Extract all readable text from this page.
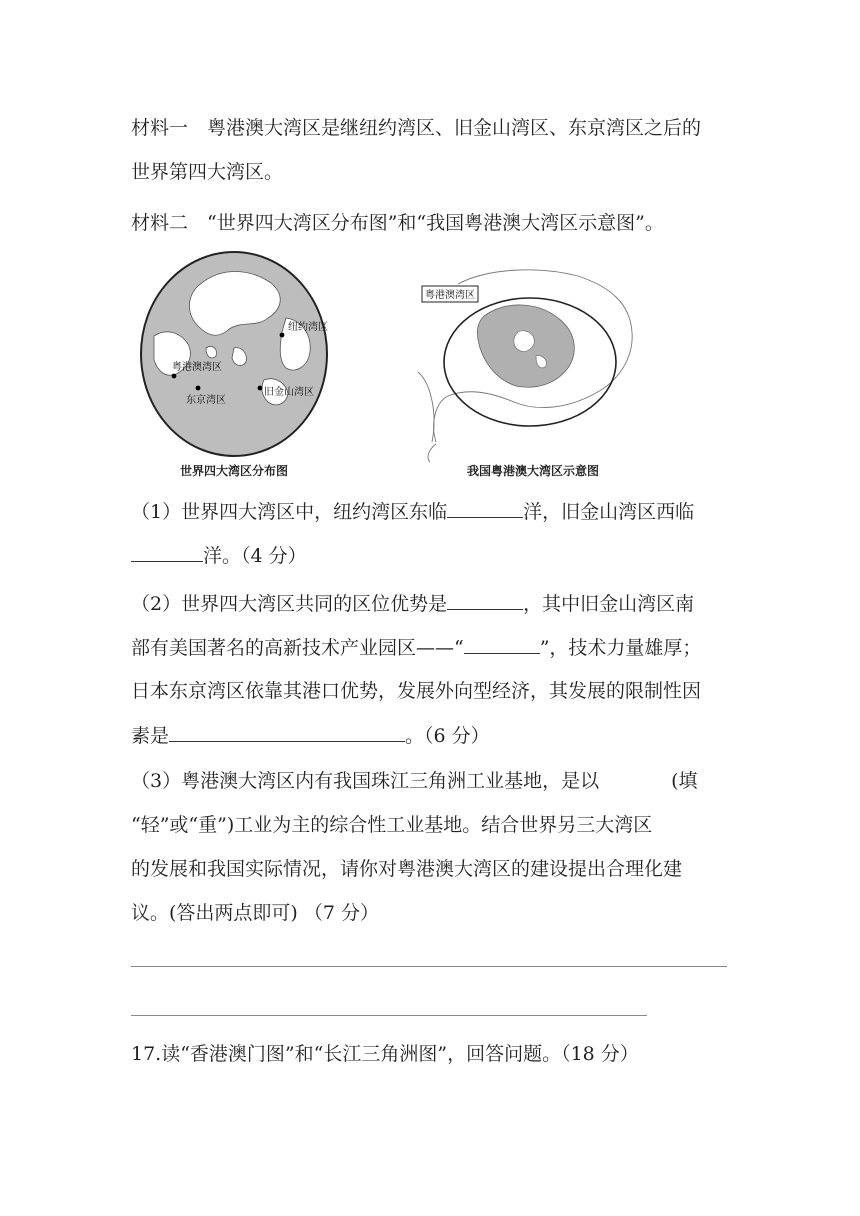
材料一　粤港澳大湾区是继纽约湾区、旧金山湾区、东京湾区之后的
世界第四大湾区。
材料二　“世界四大湾区分布图”和“我国粤港澳大湾区示意图”。
纽约湾区
粤港澳湾区
东京湾区
旧金山湾区
世界四大湾区分布图
粤港澳湾区
我国粤港澳大湾区示意图
（1）世界四大湾区中，纽约湾区东临	洋，旧金山湾区西临
洋。（4 分）
（2）世界四大湾区共同的区位优势是	，其中旧金山湾区南
部有美国著名的高新技术产业园区——“	”，技术力量雄厚；
日本东京湾区依靠其港口优势，发展外向型经济，其发展的限制性因
素是	。（6 分）
（3）粤港澳大湾区内有我国珠江三角洲工业基地，是以	(填
“轻”或“重”)工业为主的综合性工业基地。结合世界另三大湾区
的发展和我国实际情况，请你对粤港澳大湾区的建设提出合理化建
议。(答出两点即可) （7 分）
17.读“香港澳门图”和“长江三角洲图”，回答问题。（18 分）
